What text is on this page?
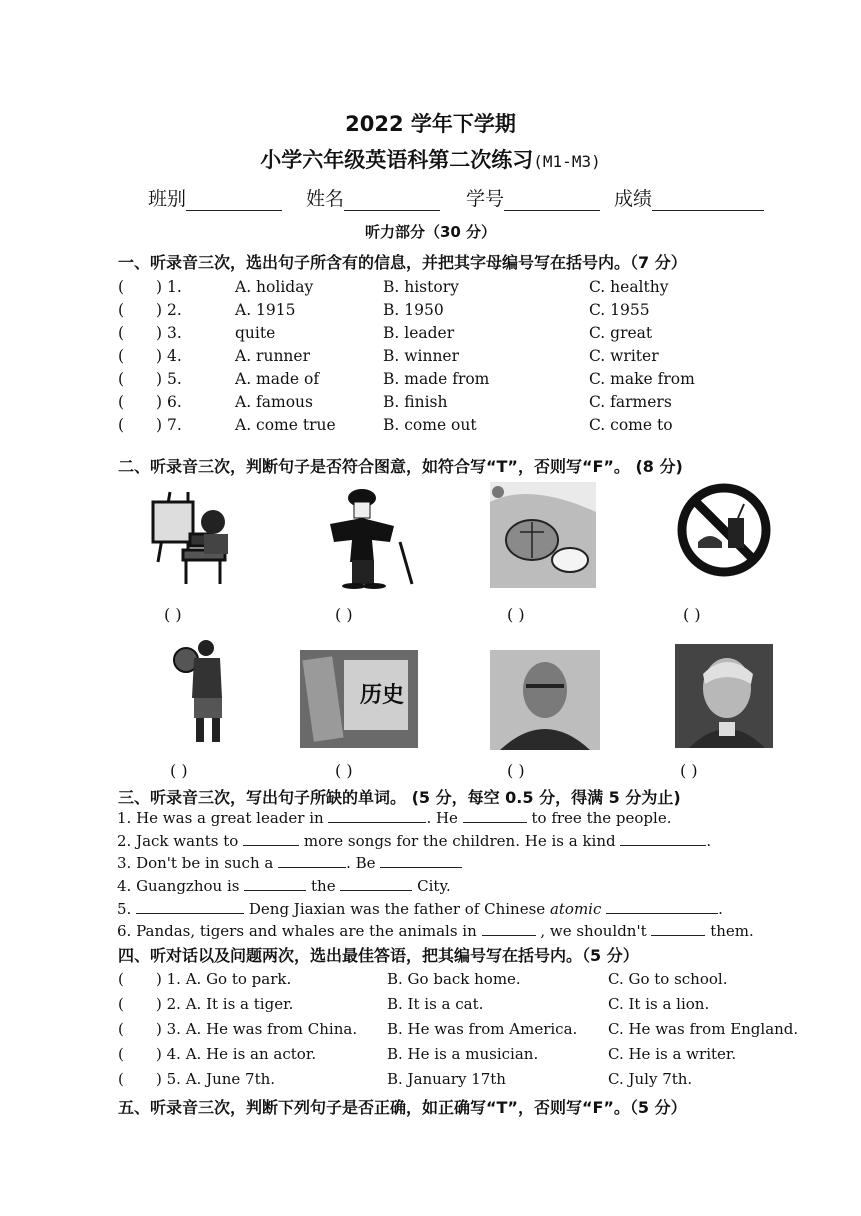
2022 学年下学期
小学六年级英语科第二次练习(M1-M3)
班别	姓名	学号	成绩
听力部分（30 分）
一、听录音三次，选出句子所含有的信息，并把其字母编号写在括号内。（7 分）
( ) 1.	A. holiday	B. history	C. healthy
( ) 2.	A. 1915	B. 1950	C. 1955
( ) 3.	quite	B. leader	C. great
( ) 4.	A. runner	B. winner	C. writer
( ) 5.	A. made of	B. made from	C. make from
( ) 6.	A. famous	B. finish	C. farmers
( ) 7.	A. come true	B. come out	C. come to
二、听录音三次，判断句子是否符合图意，如符合写“T”，否则写“F”。 (8 分)
( )	( )	( )	( )
历史
( )	( )	( )	( )
三、听录音三次，写出句子所缺的单词。 (5 分，每空 0.5 分，得满 5 分为止)
1. He was a great leader in	. He	to free the people.
2. Jack wants to	more songs for the children. He is a kind	.
3. Don't be in such a	. Be
4. Guangzhou is	the	City.
5.	Deng Jiaxian was the father of Chinese atomic	.
6. Pandas, tigers and whales are the animals in	, we shouldn't	them.
四、听对话以及问题两次，选出最佳答语，把其编号写在括号内。（5 分）
( ) 1. A. Go to park.	B. Go back home.	C. Go to school.
( ) 2. A. It is a tiger.	B. It is a cat.	C. It is a lion.
( ) 3. A. He was from China. B. He was from America. C. He was from England.
( ) 4. A. He is an actor.	B. He is a musician.	C. He is a writer.
( ) 5. A. June 7th.	B. January 17th	C. July 7th.
五、听录音三次，判断下列句子是否正确，如正确写“T”，否则写“F”。（5 分）
